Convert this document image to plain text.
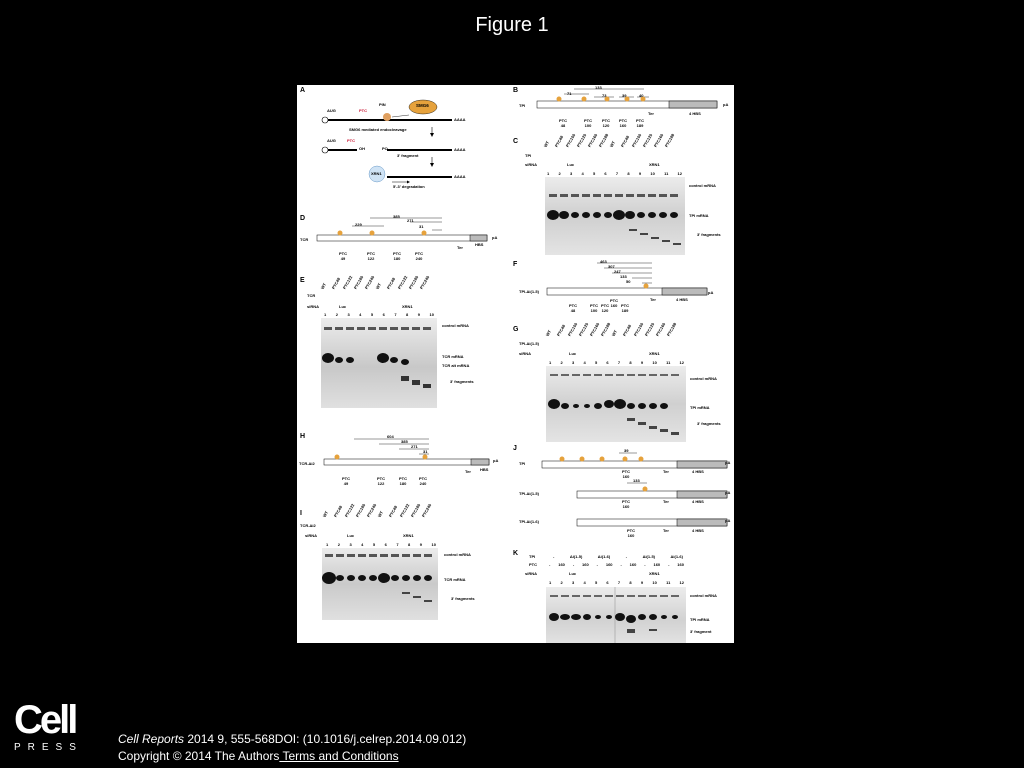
Figure 1
A
AUG	PTC
PIN	SMG6
AAAA
SMG6 mediated endocleavage
AUG	PTC
OH	PO	AAAA
3' fragment
XRN1
AAAA
5'-3' degradation
B
TPI	pA
Ter	4 HBS
133
71	73	39	40
PTC
48
PTC
100
PTC
120
PTC
160
PTC
189
C
TPI
siRNA	Luc	XRN1
1 2 3 4 5 6 7 8 9 10 11 12
WT PTC48 PTC100 PTC120 PTC160 PTC189 WT PTC48 PTC100 PTC120 PTC160 PTC189
control mRNA
TPI mRNA
3' fragments
D
TCR	pA
Ter
HBS
385
271
229	31
PTC
49
PTC
122
PTC
180
PTC
240
E
TCR
siRNA	Luc	XRN1
1 2 3 4 5 6 7 8 9 10
WT PTC49 PTC122 PTC180 PTC240 WT PTC49 PTC122 PTC180 PTC240
control mRNA
TCR mRNA
TCR alt mRNA
3' fragments
F
TPI-Δi(1-5)	pA
Ter	4 HBS
463
307
247
133
50
PTC
48
PTC
100
PTC
120
PTC
160 PTC
189
G
TPI-Δi(1-5)
siRNA	Luc	XRN1
1 2 3 4 5 6 7 8 9 10 11 12
WT PTC48 PTC100 PTC120 PTC160 PTC189 WT PTC48 PTC100 PTC120 PTC160 PTC189
control mRNA
TPI mRNA
3' fragments
H
TCR-Δi2
pA
Ter HBS
604
385
271
31
PTC
49
PTC
122
PTC
180
PTC
240
I
TCR-Δi2
siRNA	Luc	XRN1
1 2 3 4 5 6 7 8 9 10
WT PTC49 PTC122 PTC180 PTC240 WT PTC49 PTC122 PTC180 PTC240
control mRNA
TCR mRNA
3' fragments
J
TPI
TPI-Δi(1-5)
TPI-Δi(1-6)
pA
pA
pA
39
133
PTC
160
PTC
160
PTC
160
Ter	4 HBS
Ter	4 HBS
Ter	4 HBS
K	TPI
PTC
siRNA
-	Δi(1-5)	Δi(1-6)	-	Δi(1-5)	Δi(1-6)
- 160 - 160 - 160 - 160 - 160 - 160
Luc	XRN1
1 2 3 4 5 6 7 8 9 10 11 12
control mRNA
TPI mRNA
3' fragment
Cell
PRESS
Cell Reports 2014 9, 555-568DOI: (10.1016/j.celrep.2014.09.012)
Copyright © 2014 The Authors Terms and Conditions
